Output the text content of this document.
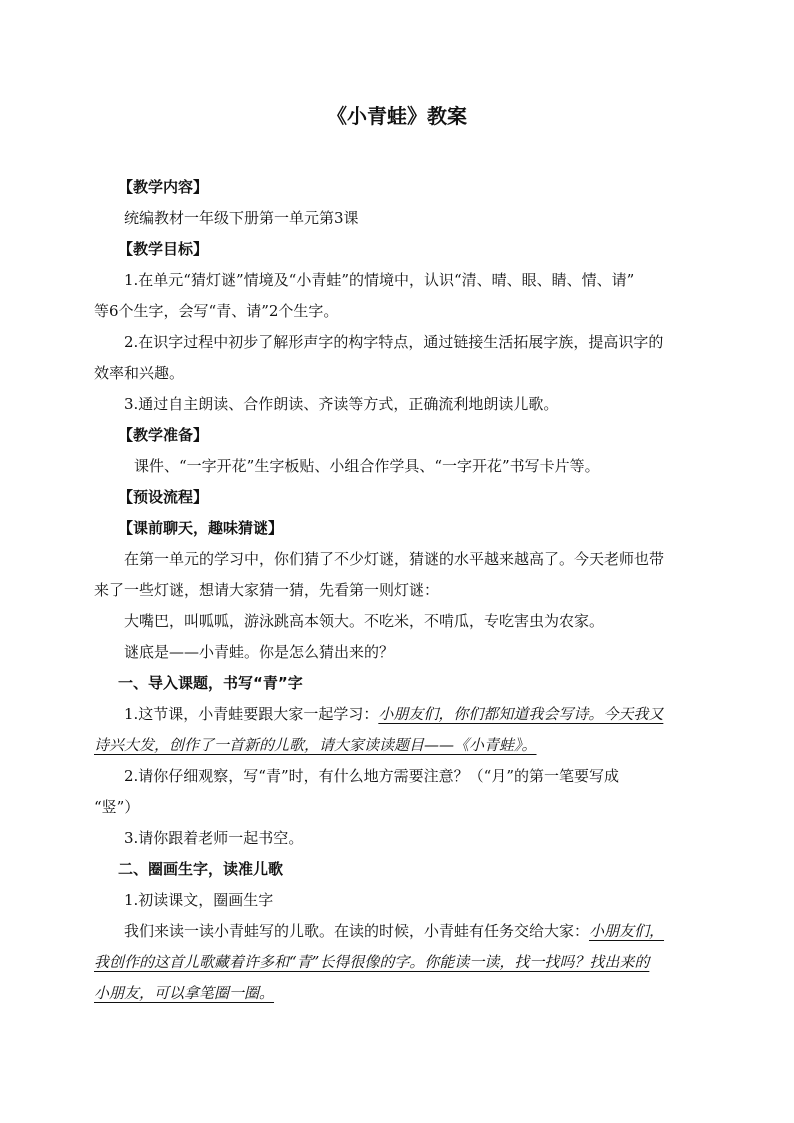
《小青蛙》教案

【教学内容】

统编教材一年级下册第一单元第3课

【教学目标】

1.在单元“猜灯谜”情境及“小青蛙”的情境中，认识“清、晴、眼、睛、情、请”

等6个生字，会写“青、请”2个生字。

2.在识字过程中初步了解形声字的构字特点，通过链接生活拓展字族，提高识字的

效率和兴趣。

3.通过自主朗读、合作朗读、齐读等方式，正确流利地朗读儿歌。

【教学准备】

课件、“一字开花”生字板贴、小组合作学具、“一字开花”书写卡片等。

【预设流程】

【课前聊天，趣味猜谜】

在第一单元的学习中，你们猜了不少灯谜，猜谜的水平越来越高了。今天老师也带

来了一些灯谜，想请大家猜一猜，先看第一则灯谜：

大嘴巴，叫呱呱，游泳跳高本领大。不吃米，不啃瓜，专吃害虫为农家。

谜底是——小青蛙。你是怎么猜出来的？

一、导入课题，书写“青”字

1.这节课，小青蛙要跟大家一起学习：小朋友们，你们都知道我会写诗。今天我又

诗兴大发，创作了一首新的儿歌，请大家读读题目——《小青蛙》。

2.请你仔细观察，写“青”时，有什么地方需要注意？（“月”的第一笔要写成

“竖”）

3.请你跟着老师一起书空。

二、圈画生字，读准儿歌

1.初读课文，圈画生字

我们来读一读小青蛙写的儿歌。在读的时候，小青蛙有任务交给大家：小朋友们，

我创作的这首儿歌藏着许多和“青”长得很像的字。你能读一读，找一找吗？找出来的

小朋友，可以拿笔圈一圈。
